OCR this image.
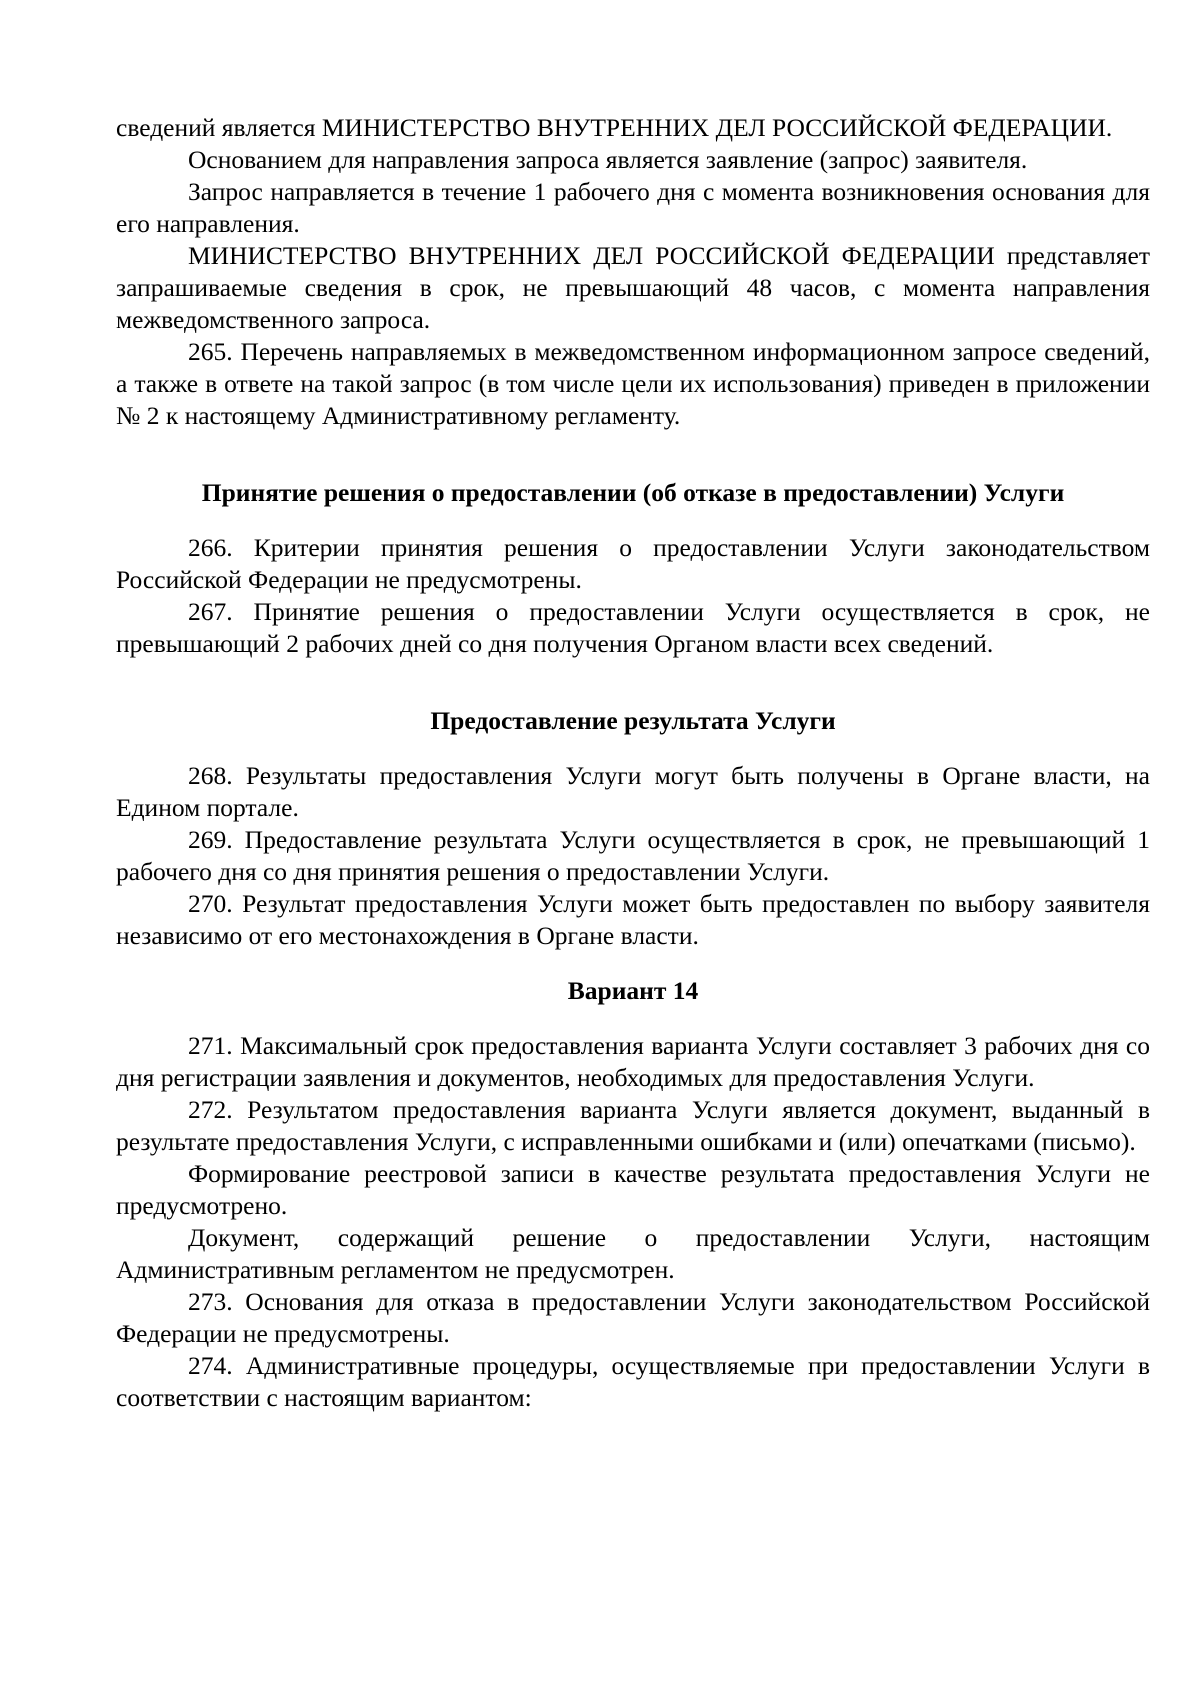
сведений является МИНИСТЕРСТВО ВНУТРЕННИХ ДЕЛ РОССИЙСКОЙ ФЕДЕРАЦИИ.

Основанием для направления запроса является заявление (запрос) заявителя.

Запрос направляется в течение 1 рабочего дня с момента возникновения основания для его направления.

МИНИСТЕРСТВО ВНУТРЕННИХ ДЕЛ РОССИЙСКОЙ ФЕДЕРАЦИИ представляет запрашиваемые сведения в срок, не превышающий 48 часов, с момента направления межведомственного запроса.

265. Перечень направляемых в межведомственном информационном запросе сведений, а также в ответе на такой запрос (в том числе цели их использования) приведен в приложении № 2 к настоящему Административному регламенту.

Принятие решения о предоставлении (об отказе в предоставлении) Услуги

266. Критерии принятия решения о предоставлении Услуги законодательством Российской Федерации не предусмотрены.

267. Принятие решения о предоставлении Услуги осуществляется в срок, не превышающий 2 рабочих дней со дня получения Органом власти всех сведений.

Предоставление результата Услуги

268. Результаты предоставления Услуги могут быть получены в Органе власти, на Едином портале.

269. Предоставление результата Услуги осуществляется в срок, не превышающий 1 рабочего дня со дня принятия решения о предоставлении Услуги.

270. Результат предоставления Услуги может быть предоставлен по выбору заявителя независимо от его местонахождения в Органе власти.

Вариант 14

271. Максимальный срок предоставления варианта Услуги составляет 3 рабочих дня со дня регистрации заявления и документов, необходимых для предоставления Услуги.

272. Результатом предоставления варианта Услуги является документ, выданный в результате предоставления Услуги, с исправленными ошибками и (или) опечатками (письмо).

Формирование реестровой записи в качестве результата предоставления Услуги не предусмотрено.

Документ, содержащий решение о предоставлении Услуги, настоящим Административным регламентом не предусмотрен.

273. Основания для отказа в предоставлении Услуги законодательством Российской Федерации не предусмотрены.

274. Административные процедуры, осуществляемые при предоставлении Услуги в соответствии с настоящим вариантом:
